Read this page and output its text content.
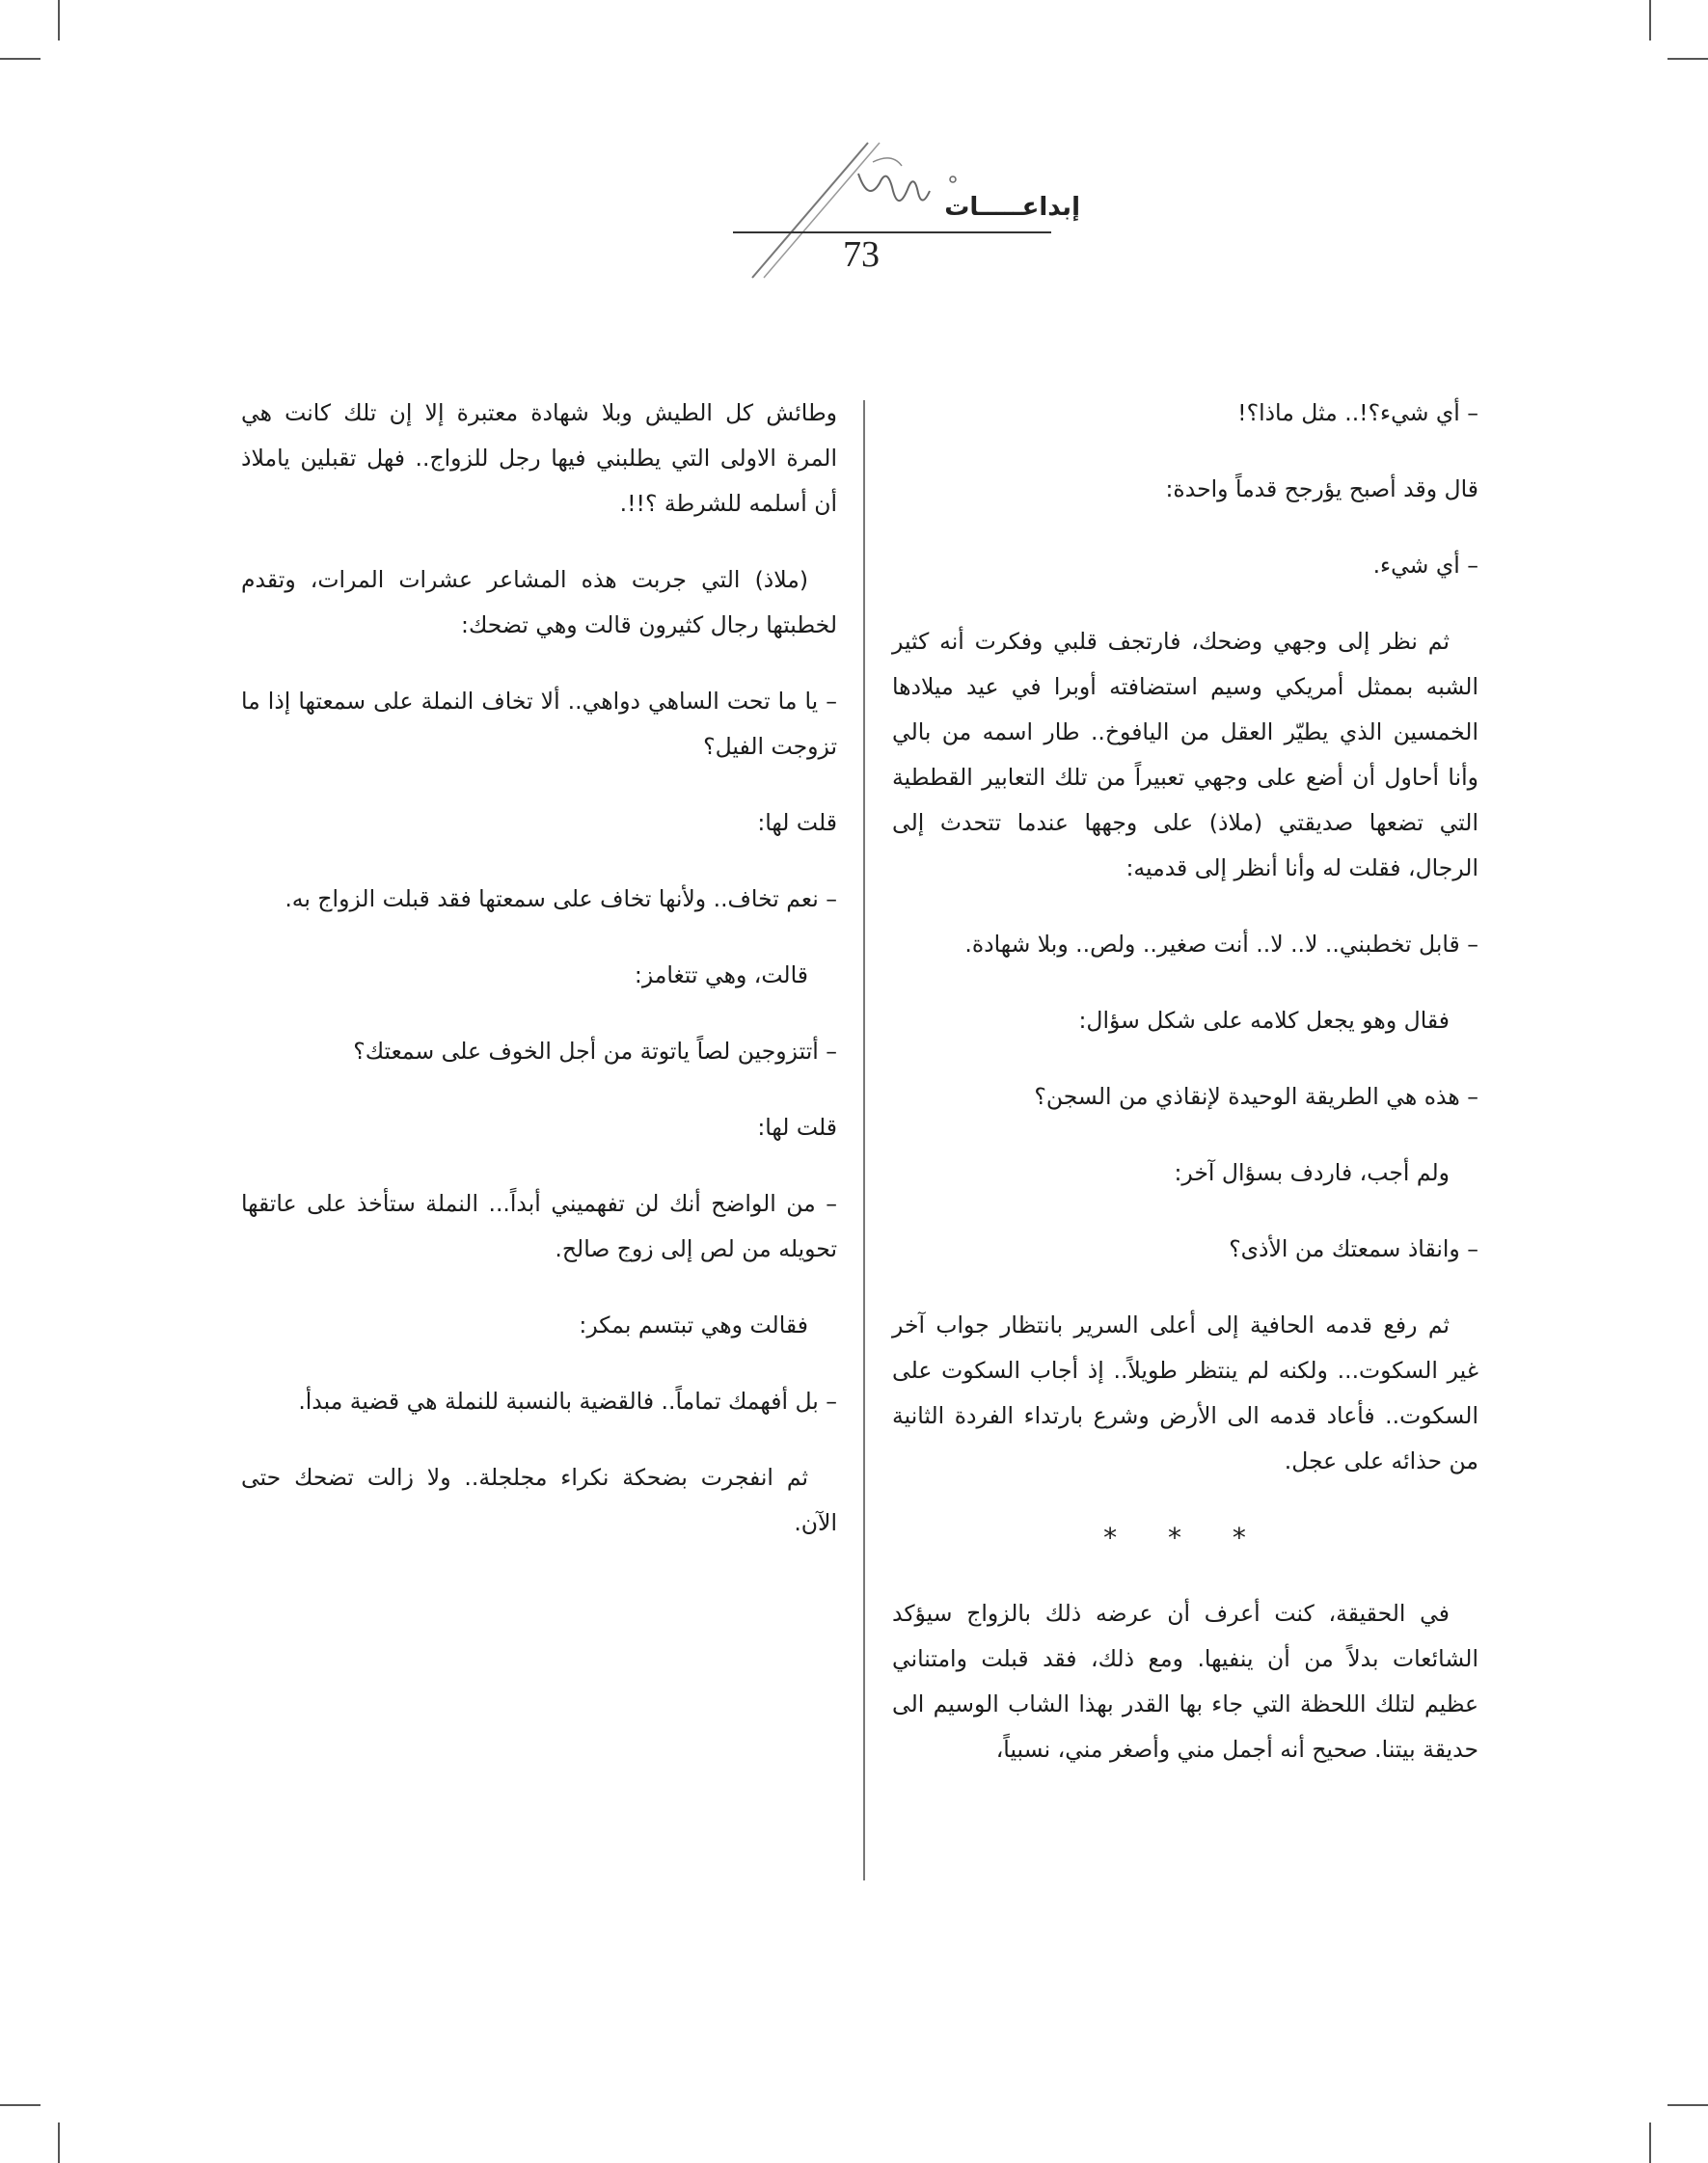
إبداعـــــات
73

– أي شيء؟!.. مثل ماذا؟!

قال وقد أصبح يؤرجح قدماً واحدة:

– أي شيء.

ثم نظر إلى وجهي وضحك، فارتجف قلبي وفكرت أنه كثير الشبه بممثل أمريكي وسيم استضافته أوبرا في عيد ميلادها الخمسين الذي يطيّر العقل من اليافوخ.. طار اسمه من بالي وأنا أحاول أن أضع على وجهي تعبيراً من تلك التعابير القططية التي تضعها صديقتي (ملاذ) على وجهها عندما تتحدث إلى الرجال، فقلت له وأنا أنظر إلى قدميه:

– قابل تخطبني.. لا.. لا.. أنت صغير.. ولص.. وبلا شهادة.

فقال وهو يجعل كلامه على شكل سؤال:

– هذه هي الطريقة الوحيدة لإنقاذي من السجن؟

ولم أجب، فاردف بسؤال آخر:

– وانقاذ سمعتك من الأذى؟

ثم رفع قدمه الحافية إلى أعلى السرير بانتظار جواب آخر غير السكوت... ولكنه لم ينتظر طويلاً.. إذ أجاب السكوت على السكوت.. فأعاد قدمه الى الأرض وشرع بارتداء الفردة الثانية من حذائه على عجل.

* * *

في الحقيقة، كنت أعرف أن عرضه ذلك بالزواج سيؤكد الشائعات بدلاً من أن ينفيها. ومع ذلك، فقد قبلت وامتناني عظيم لتلك اللحظة التي جاء بها القدر بهذا الشاب الوسيم الى حديقة بيتنا. صحيح أنه أجمل مني وأصغر مني، نسبياً،

وطائش كل الطيش وبلا شهادة معتبرة إلا إن تلك كانت هي المرة الاولى التي يطلبني فيها رجل للزواج.. فهل تقبلين ياملاذ أن أسلمه للشرطة ؟!!.

(ملاذ) التي جربت هذه المشاعر عشرات المرات، وتقدم لخطبتها رجال كثيرون قالت وهي تضحك:

– يا ما تحت الساهي دواهي.. ألا تخاف النملة على سمعتها إذا ما تزوجت الفيل؟

قلت لها:

– نعم تخاف.. ولأنها تخاف على سمعتها فقد قبلت الزواج به.

قالت، وهي تتغامز:

– أتتزوجين لصاً ياتوتة من أجل الخوف على سمعتك؟

قلت لها:

– من الواضح أنك لن تفهميني أبداً... النملة ستأخذ على عاتقها تحويله من لص إلى زوج صالح.

فقالت وهي تبتسم بمكر:

– بل أفهمك تماماً.. فالقضية بالنسبة للنملة هي قضية مبدأ.

ثم انفجرت بضحكة نكراء مجلجلة.. ولا زالت تضحك حتى الآن.
